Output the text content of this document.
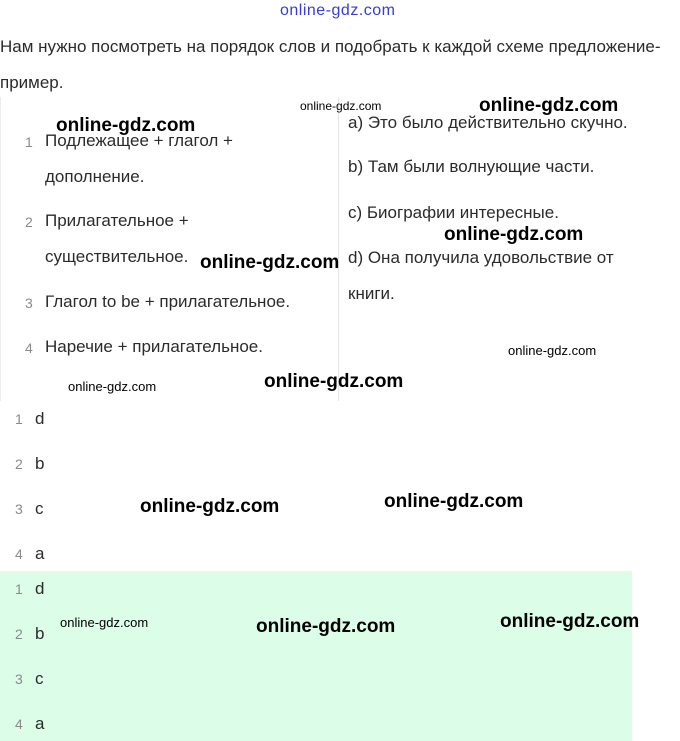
online-gdz.com
Нам нужно посмотреть на порядок слов и подобрать к каждой схеме предложение-пример.
1 Подлежащее + глагол +
дополнение.
2 Прилагательное +
существительное.
3 Глагол to be + прилагательное.
4 Наречие + прилагательное.
a) Это было действительно скучно.
b) Там были волнующие части.
c) Биографии интересные.
d) Она получила удовольствие от
книги.
1 d
2 b
3 c
4 a
1 d
2 b
3 c
4 a
online-gdz.com	online-gdz.com
online-gdz.com
online-gdz.com
online-gdz.com
online-gdz.com
online-gdz.com	online-gdz.com
online-gdz.com	online-gdz.com
online-gdz.com	online-gdz.com	online-gdz.com
